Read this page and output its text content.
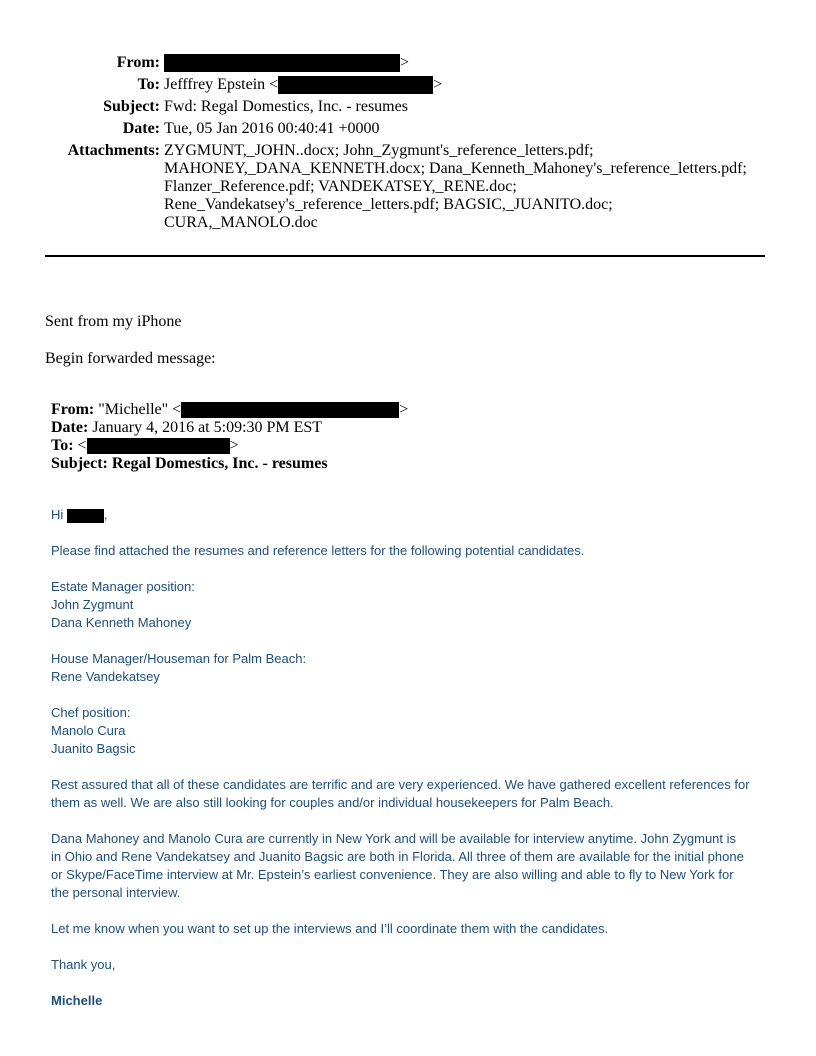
From:	>
To: Jefffrey Epstein <	>
Subject: Fwd: Regal Domestics, Inc. - resumes
Date: Tue, 05 Jan 2016 00:40:41 +0000
Attachments: ZYGMUNT,_JOHN..docx; John_Zygmunt's_reference_letters.pdf;
MAHONEY,_DANA_KENNETH.docx; Dana_Kenneth_Mahoney's_reference_letters.pdf;
Flanzer_Reference.pdf; VANDEKATSEY,_RENE.doc;
Rene_Vandekatsey's_reference_letters.pdf; BAGSIC,_JUANITO.doc;
CURA,_MANOLO.doc
Sent from my iPhone
Begin forwarded message:
From: "Michelle" <	>
Date: January 4, 2016 at 5:09:30 PM EST
To: <	>
Subject: Regal Domestics, Inc. - resumes
Hi	,
Please find attached the resumes and reference letters for the following potential candidates.
Estate Manager position:
John Zygmunt
Dana Kenneth Mahoney
House Manager/Houseman for Palm Beach:
Rene Vandekatsey
Chef position:
Manolo Cura
Juanito Bagsic
Rest assured that all of these candidates are terrific and are very experienced. We have gathered excellent references for
them as well. We are also still looking for couples and/or individual housekeepers for Palm Beach.
Dana Mahoney and Manolo Cura are currently in New York and will be available for interview anytime. John Zygmunt is
in Ohio and Rene Vandekatsey and Juanito Bagsic are both in Florida. All three of them are available for the initial phone
or Skype/FaceTime interview at Mr. Epstein’s earliest convenience. They are also willing and able to fly to New York for
the personal interview.
Let me know when you want to set up the interviews and I’ll coordinate them with the candidates.
Thank you,
Michelle
